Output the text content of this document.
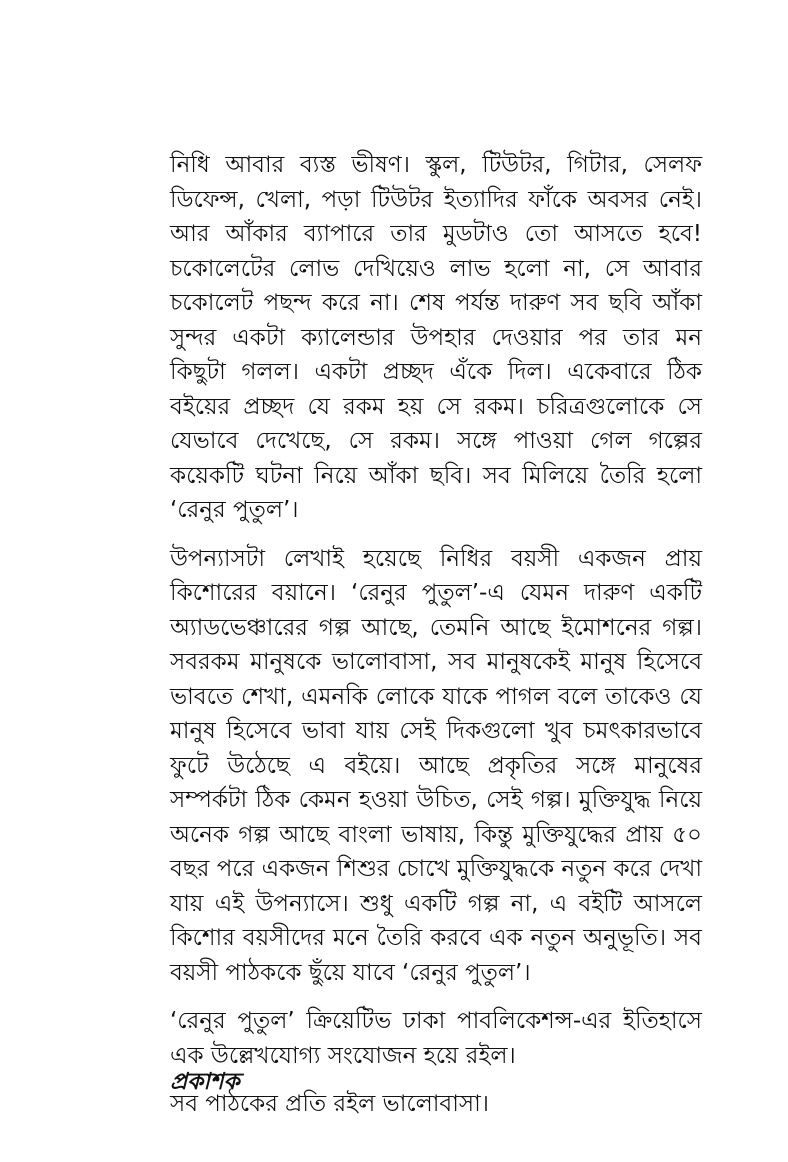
নিধি আবার ব্যস্ত ভীষণ। স্কুল, টিউটর, গিটার, সেলফ ডিফেন্স, খেলা, পড়া টিউটর ইত্যাদির ফাঁকে অবসর নেই। আর আঁকার ব্যাপারে তার মুডটাও তো আসতে হবে! চকোলেটের লোভ দেখিয়েও লাভ হলো না, সে আবার চকোলেট পছন্দ করে না। শেষ পর্যন্ত দারুণ সব ছবি আঁকা সুন্দর একটা ক্যালেন্ডার উপহার দেওয়ার পর তার মন কিছুটা গলল। একটা প্রচ্ছদ এঁকে দিল। একেবারে ঠিক বইয়ের প্রচ্ছদ যে রকম হয় সে রকম। চরিত্রগুলোকে সে যেভাবে দেখেছে, সে রকম। সঙ্গে পাওয়া গেল গল্পের কয়েকটি ঘটনা নিয়ে আঁকা ছবি। সব মিলিয়ে তৈরি হলো ‘রেনুর পুতুল’।

উপন্যাসটা লেখাই হয়েছে নিধির বয়সী একজন প্রায় কিশোরের বয়ানে। ‘রেনুর পুতুল’-এ যেমন দারুণ একটি অ্যাডভেঞ্চারের গল্প আছে, তেমনি আছে ইমোশনের গল্প। সবরকম মানুষকে ভালোবাসা, সব মানুষকেই মানুষ হিসেবে ভাবতে শেখা, এমনকি লোকে যাকে পাগল বলে তাকেও যে মানুষ হিসেবে ভাবা যায় সেই দিকগুলো খুব চমৎকারভাবে ফুটে উঠেছে এ বইয়ে। আছে প্রকৃতির সঙ্গে মানুষের সম্পর্কটা ঠিক কেমন হওয়া উচিত, সেই গল্প। মুক্তিযুদ্ধ নিয়ে অনেক গল্প আছে বাংলা ভাষায়, কিন্তু মুক্তিযুদ্ধের প্রায় ৫০ বছর পরে একজন শিশুর চোখে মুক্তিযুদ্ধকে নতুন করে দেখা যায় এই উপন্যাসে। শুধু একটি গল্প না, এ বইটি আসলে কিশোর বয়সীদের মনে তৈরি করবে এক নতুন অনুভূতি। সব বয়সী পাঠককে ছুঁয়ে যাবে ‘রেনুর পুতুল’।

‘রেনুর পুতুল’ ক্রিয়েটিভ ঢাকা পাবলিকেশন্স-এর ইতিহাসে এক উল্লেখযোগ্য সংযোজন হয়ে রইল।

সব পাঠকের প্রতি রইল ভালোবাসা।

প্রকাশক
